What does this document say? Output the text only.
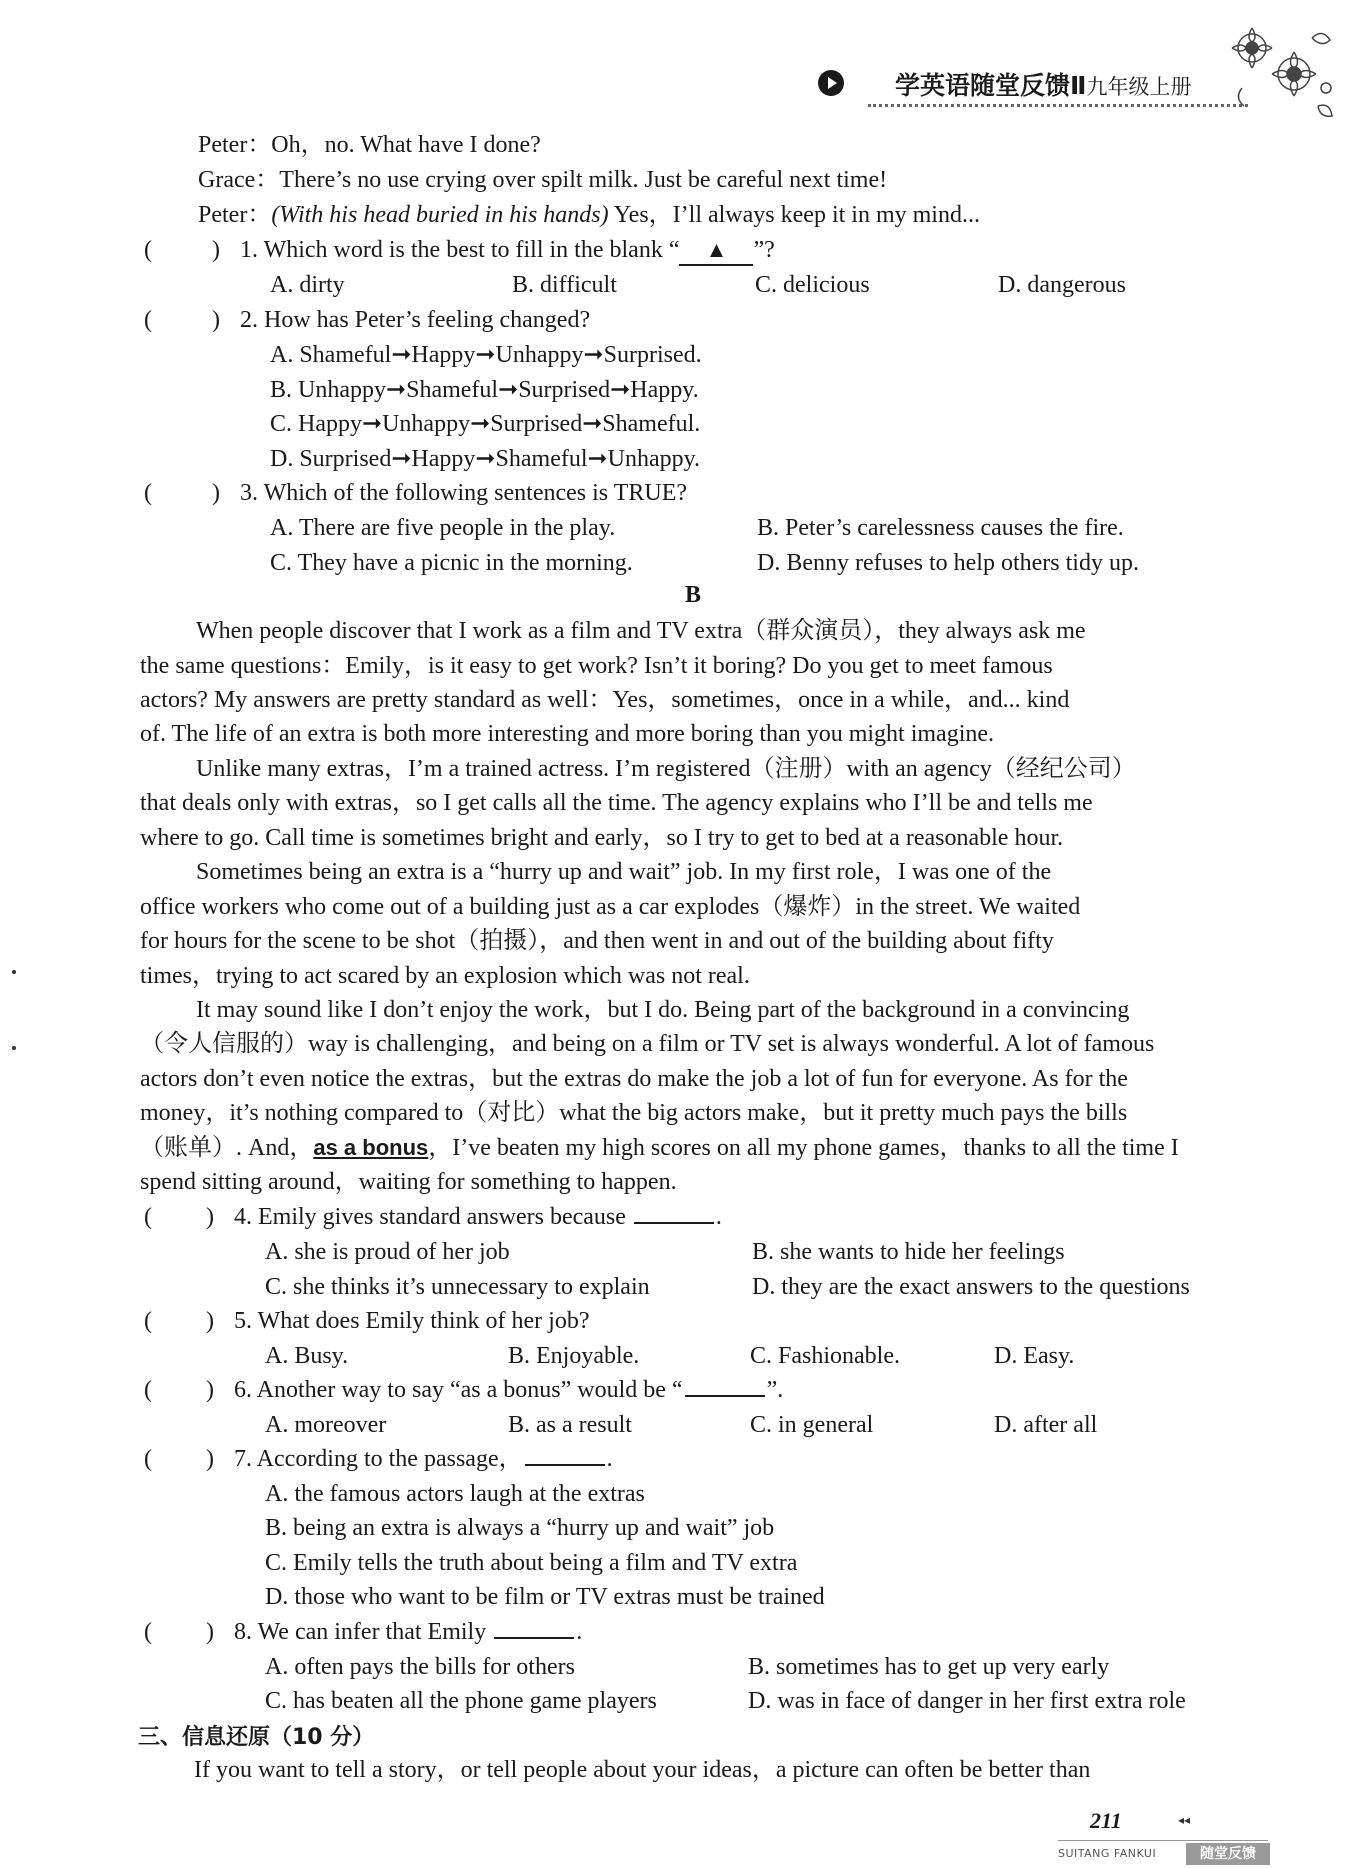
学英语随堂反馈Ⅱ九年级上册
Peter：Oh，no. What have I done?
Grace：There’s no use crying over spilt milk. Just be careful next time!
Peter：(With his head buried in his hands) Yes，I’ll always keep it in my mind...
(	) 1. Which word is the best to fill in the blank “ ▲ ”?
A. dirty	B. difficult	C. delicious	D. dangerous
(	) 2. How has Peter’s feeling changed?
A. Shameful➞Happy➞Unhappy➞Surprised.
B. Unhappy➞Shameful➞Surprised➞Happy.
C. Happy➞Unhappy➞Surprised➞Shameful.
D. Surprised➞Happy➞Shameful➞Unhappy.
(	) 3. Which of the following sentences is TRUE?
A. There are five people in the play.	B. Peter’s carelessness causes the fire.
C. They have a picnic in the morning.	D. Benny refuses to help others tidy up.
B
When people discover that I work as a film and TV extra（群众演员），they always ask me
the same questions：Emily，is it easy to get work? Isn’t it boring? Do you get to meet famous
actors? My answers are pretty standard as well：Yes，sometimes，once in a while，and... kind
of. The life of an extra is both more interesting and more boring than you might imagine.
Unlike many extras，I’m a trained actress. I’m registered（注册）with an agency（经纪公司）
that deals only with extras，so I get calls all the time. The agency explains who I’ll be and tells me
where to go. Call time is sometimes bright and early，so I try to get to bed at a reasonable hour.
Sometimes being an extra is a “hurry up and wait” job. In my first role，I was one of the
office workers who come out of a building just as a car explodes（爆炸）in the street. We waited
for hours for the scene to be shot（拍摄），and then went in and out of the building about fifty
times，trying to act scared by an explosion which was not real.
It may sound like I don’t enjoy the work，but I do. Being part of the background in a convincing
（令人信服的）way is challenging，and being on a film or TV set is always wonderful. A lot of famous
actors don’t even notice the extras，but the extras do make the job a lot of fun for everyone. As for the
money，it’s nothing compared to（对比）what the big actors make，but it pretty much pays the bills
（账单）. And，as a bonus，I’ve beaten my high scores on all my phone games，thanks to all the time I
spend sitting around，waiting for something to happen.
( ) 4. Emily gives standard answers because	.
A. she is proud of her job	B. she wants to hide her feelings
C. she thinks it’s unnecessary to explain	D. they are the exact answers to the questions
( ) 5. What does Emily think of her job?
A. Busy.	B. Enjoyable.	C. Fashionable.	D. Easy.
( ) 6. Another way to say “as a bonus” would be “	”.
A. moreover	B. as a result	C. in general	D. after all
( ) 7. According to the passage，	.
A. the famous actors laugh at the extras
B. being an extra is always a “hurry up and wait” job
C. Emily tells the truth about being a film and TV extra
D. those who want to be film or TV extras must be trained
( ) 8. We can infer that Emily	.
A. often pays the bills for others	B. sometimes has to get up very early
C. has beaten all the phone game players	D. was in face of danger in her first extra role
三、信息还原（10 分）
If you want to tell a story，or tell people about your ideas，a picture can often be better than
211	◂◂
SUITANG FANKUI	随堂反馈
